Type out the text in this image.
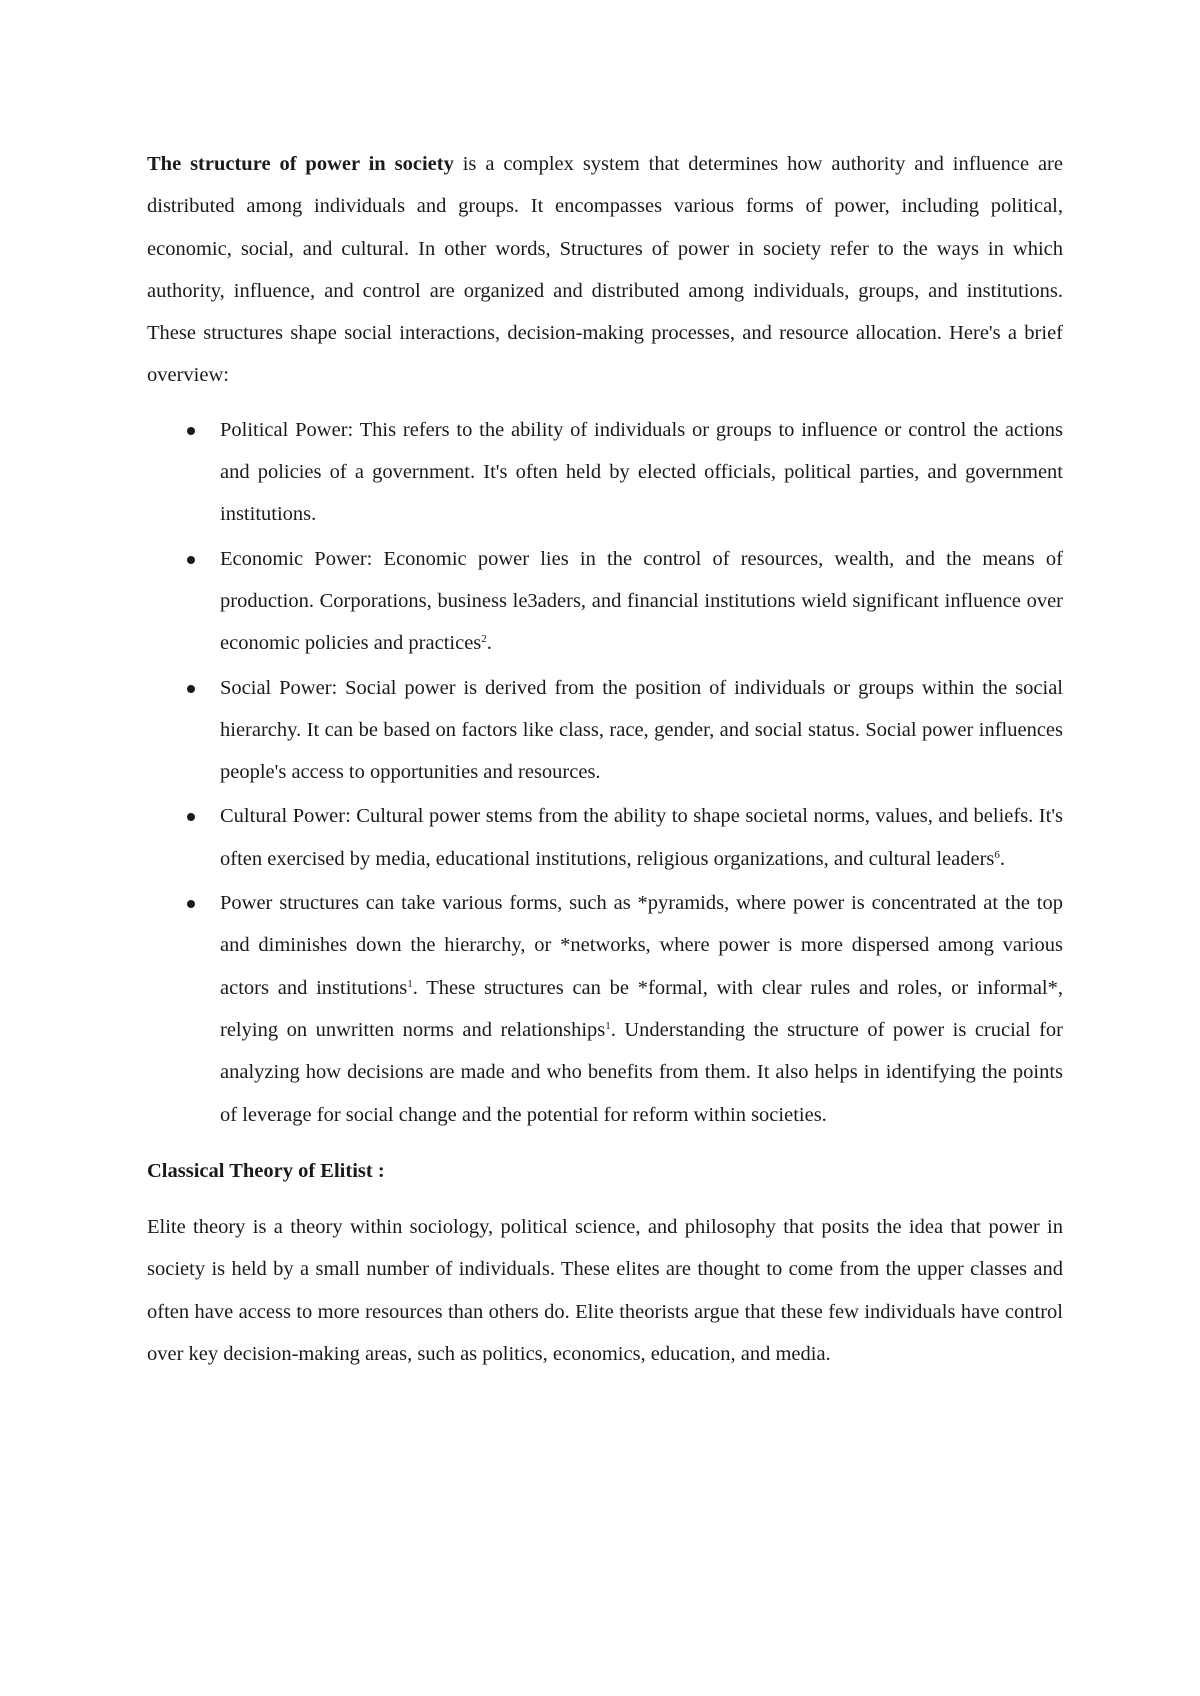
The structure of power in society is a complex system that determines how authority and influence are distributed among individuals and groups. It encompasses various forms of power, including political, economic, social, and cultural. In other words, Structures of power in society refer to the ways in which authority, influence, and control are organized and distributed among individuals, groups, and institutions. These structures shape social interactions, decision-making processes, and resource allocation. Here's a brief overview:

Political Power: This refers to the ability of individuals or groups to influence or control the actions and policies of a government. It's often held by elected officials, political parties, and government institutions.
Economic Power: Economic power lies in the control of resources, wealth, and the means of production. Corporations, business le3aders, and financial institutions wield significant influence over economic policies and practices$^2$.
Social Power: Social power is derived from the position of individuals or groups within the social hierarchy. It can be based on factors like class, race, gender, and social status. Social power influences people's access to opportunities and resources.
Cultural Power: Cultural power stems from the ability to shape societal norms, values, and beliefs. It's often exercised by media, educational institutions, religious organizations, and cultural leaders$^6$.
Power structures can take various forms, such as *pyramids, where power is concentrated at the top and diminishes down the hierarchy, or *networks, where power is more dispersed among various actors and institutions$^1$. These structures can be *formal, with clear rules and roles, or informal*, relying on unwritten norms and relationships$^1$. Understanding the structure of power is crucial for analyzing how decisions are made and who benefits from them. It also helps in identifying the points of leverage for social change and the potential for reform within societies.

Classical Theory of Elitist :

Elite theory is a theory within sociology, political science, and philosophy that posits the idea that power in society is held by a small number of individuals. These elites are thought to come from the upper classes and often have access to more resources than others do. Elite theorists argue that these few individuals have control over key decision-making areas, such as politics, economics, education, and media.
